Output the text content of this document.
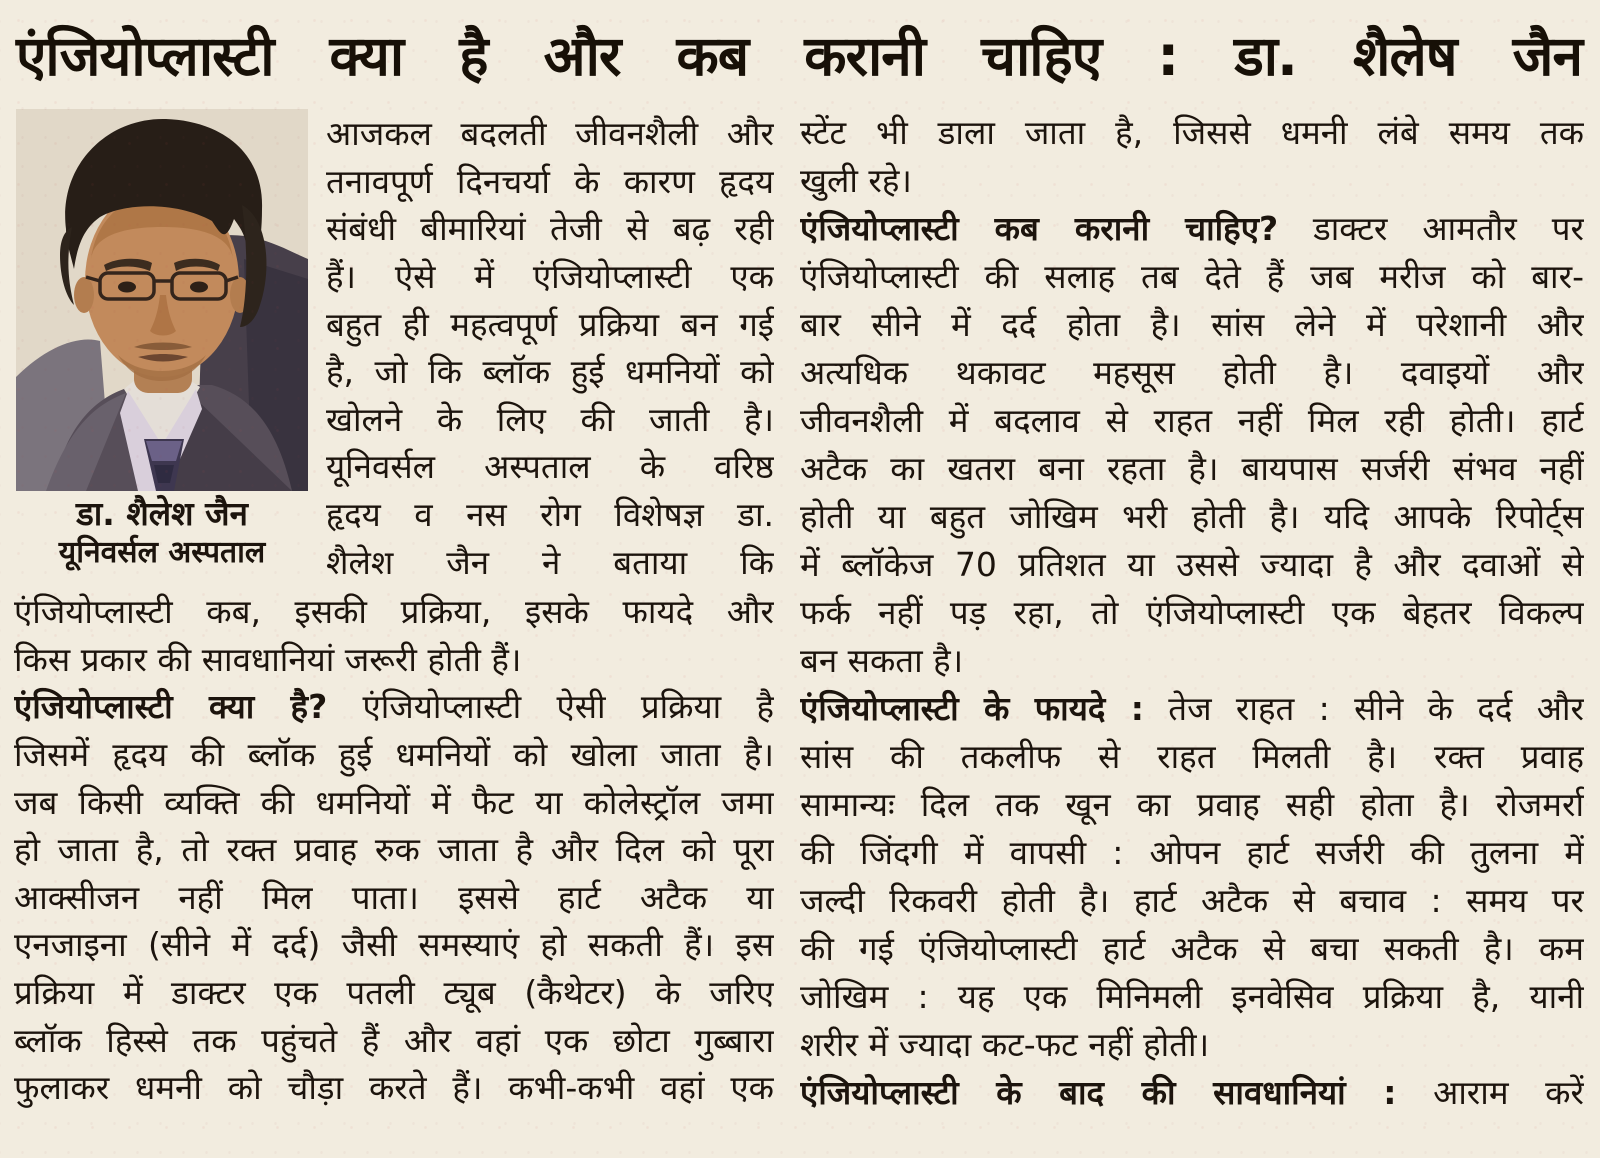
एंजियोप्लास्टी क्या है और कब करानी चाहिए : डा. शैलेष जैन
डा. शैलेश जैन
यूनिवर्सल अस्पताल
आजकल बदलती जीवनशैली और
तनावपूर्ण दिनचर्या के कारण हृदय
संबंधी बीमारियां तेजी से बढ़ रही
हैं। ऐसे में एंजियोप्लास्टी एक
बहुत ही महत्वपूर्ण प्रक्रिया बन गई
है, जो कि ब्लॉक हुई धमनियों को
खोलने के लिए की जाती है।
यूनिवर्सल अस्पताल के वरिष्ठ
हृदय व नस रोग विशेषज्ञ डा.
शैलेश जैन ने बताया कि
एंजियोप्लास्टी कब, इसकी प्रक्रिया, इसके फायदे और
किस प्रकार की सावधानियां जरूरी होती हैं।
एंजियोप्लास्टी क्या है? एंजियोप्लास्टी ऐसी प्रक्रिया है
जिसमें हृदय की ब्लॉक हुई धमनियों को खोला जाता है।
जब किसी व्यक्ति की धमनियों में फैट या कोलेस्ट्रॉल जमा
हो जाता है, तो रक्त प्रवाह रुक जाता है और दिल को पूरा
आक्सीजन नहीं मिल पाता। इससे हार्ट अटैक या
एनजाइना (सीने में दर्द) जैसी समस्याएं हो सकती हैं। इस
प्रक्रिया में डाक्टर एक पतली ट्यूब (कैथेटर) के जरिए
ब्लॉक हिस्से तक पहुंचते हैं और वहां एक छोटा गुब्बारा
फुलाकर धमनी को चौड़ा करते हैं। कभी-कभी वहां एक
स्टेंट भी डाला जाता है, जिससे धमनी लंबे समय तक
खुली रहे।
एंजियोप्लास्टी कब करानी चाहिए? डाक्टर आमतौर पर
एंजियोप्लास्टी की सलाह तब देते हैं जब मरीज को बार-
बार सीने में दर्द होता है। सांस लेने में परेशानी और
अत्यधिक थकावट महसूस होती है। दवाइयों और
जीवनशैली में बदलाव से राहत नहीं मिल रही होती। हार्ट
अटैक का खतरा बना रहता है। बायपास सर्जरी संभव नहीं
होती या बहुत जोखिम भरी होती है। यदि आपके रिपोर्ट्स
में ब्लॉकेज 70 प्रतिशत या उससे ज्यादा है और दवाओं से
फर्क नहीं पड़ रहा, तो एंजियोप्लास्टी एक बेहतर विकल्प
बन सकता है।
एंजियोप्लास्टी के फायदे : तेज राहत : सीने के दर्द और
सांस की तकलीफ से राहत मिलती है। रक्त प्रवाह
सामान्यः दिल तक खून का प्रवाह सही होता है। रोजमर्रा
की जिंदगी में वापसी : ओपन हार्ट सर्जरी की तुलना में
जल्दी रिकवरी होती है। हार्ट अटैक से बचाव : समय पर
की गई एंजियोप्लास्टी हार्ट अटैक से बचा सकती है। कम
जोखिम : यह एक मिनिमली इनवेसिव प्रक्रिया है, यानी
शरीर में ज्यादा कट-फट नहीं होती।
एंजियोप्लास्टी के बाद की सावधानियां : आराम करें
